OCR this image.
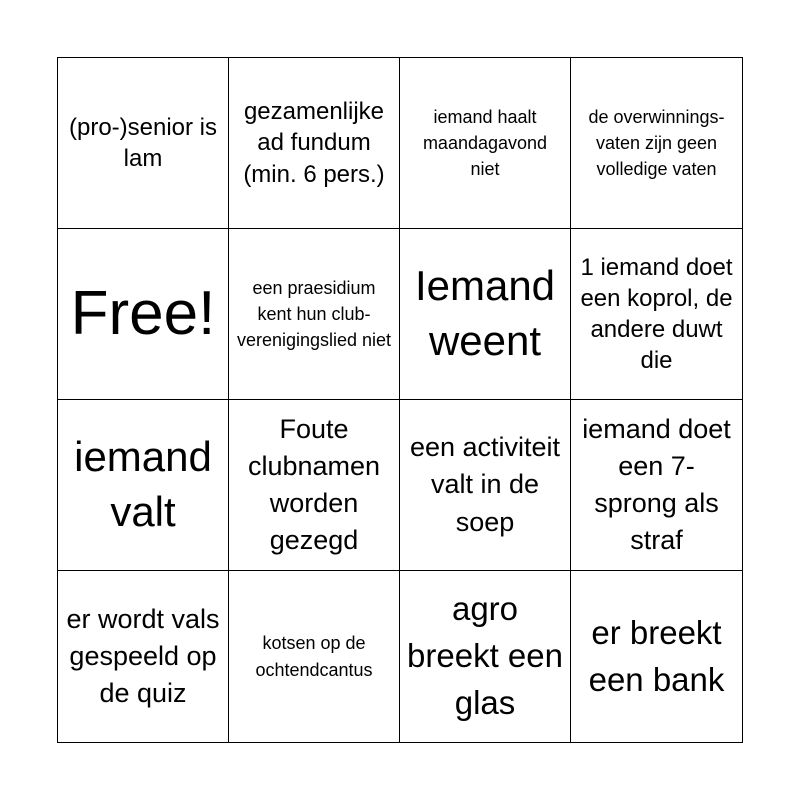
(pro-)senior is lam
gezamenlijke ad fundum (min. 6 pers.)
iemand haalt maandagavond niet
de overwinnings-vaten zijn geen volledige vaten
Free!	een praesidium kent hun club-verenigingslied niet
Iemand weent
1 iemand doet een koprol, de andere duwt die
iemand valt
Foute clubnamen worden gezegd
een activiteit valt in de soep
iemand doet een 7-sprong als straf
er wordt vals gespeeld op de quiz
kotsen op de ochtendcantus
agro breekt een glas
er breekt een bank
